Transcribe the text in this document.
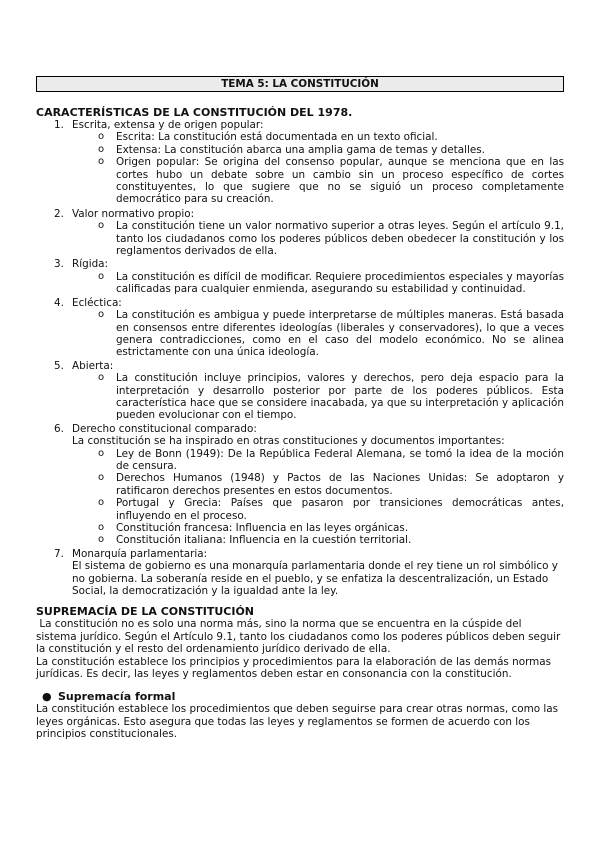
TEMA 5: LA CONSTITUCIÓN
CARACTERÍSTICAS DE LA CONSTITUCIÓN DEL 1978.
1. Escrita, extensa y de origen popular:
o Escrita: La constitución está documentada en un texto oficial.
o Extensa: La constitución abarca una amplia gama de temas y detalles.
o Origen popular: Se origina del consenso popular, aunque se menciona que en las cortes hubo un debate sobre un cambio sin un proceso específico de cortes constituyentes, lo que sugiere que no se siguió un proceso completamente democrático para su creación.
2. Valor normativo propio:
o La constitución tiene un valor normativo superior a otras leyes. Según el artículo 9.1, tanto los ciudadanos como los poderes públicos deben obedecer la constitución y los reglamentos derivados de ella.
3. Rígida:
o La constitución es difícil de modificar. Requiere procedimientos especiales y mayorías calificadas para cualquier enmienda, asegurando su estabilidad y continuidad.
4. Ecléctica:
o La constitución es ambigua y puede interpretarse de múltiples maneras. Está basada en consensos entre diferentes ideologías (liberales y conservadores), lo que a veces genera contradicciones, como en el caso del modelo económico. No se alinea estrictamente con una única ideología.
5. Abierta:
o La constitución incluye principios, valores y derechos, pero deja espacio para la interpretación y desarrollo posterior por parte de los poderes públicos. Esta característica hace que se considere inacabada, ya que su interpretación y aplicación pueden evolucionar con el tiempo.
6. Derecho constitucional comparado:
La constitución se ha inspirado en otras constituciones y documentos importantes:
o Ley de Bonn (1949): De la República Federal Alemana, se tomó la idea de la moción de censura.
o Derechos Humanos (1948) y Pactos de las Naciones Unidas: Se adoptaron y ratificaron derechos presentes en estos documentos.
o Portugal y Grecia: Países que pasaron por transiciones democráticas antes, influyendo en el proceso.
o Constitución francesa: Influencia en las leyes orgánicas.
o Constitución italiana: Influencia en la cuestión territorial.
7. Monarquía parlamentaria:
El sistema de gobierno es una monarquía parlamentaria donde el rey tiene un rol simbólico y no gobierna. La soberanía reside en el pueblo, y se enfatiza la descentralización, un Estado Social, la democratización y la igualdad ante la ley.
SUPREMACÍA DE LA CONSTITUCIÓN
La constitución no es solo una norma más, sino la norma que se encuentra en la cúspide del sistema jurídico. Según el Artículo 9.1, tanto los ciudadanos como los poderes públicos deben seguir la constitución y el resto del ordenamiento jurídico derivado de ella.
La constitución establece los principios y procedimientos para la elaboración de las demás normas jurídicas. Es decir, las leyes y reglamentos deben estar en consonancia con la constitución.
● Supremacía formal
La constitución establece los procedimientos que deben seguirse para crear otras normas, como las leyes orgánicas. Esto asegura que todas las leyes y reglamentos se formen de acuerdo con los principios constitucionales.
